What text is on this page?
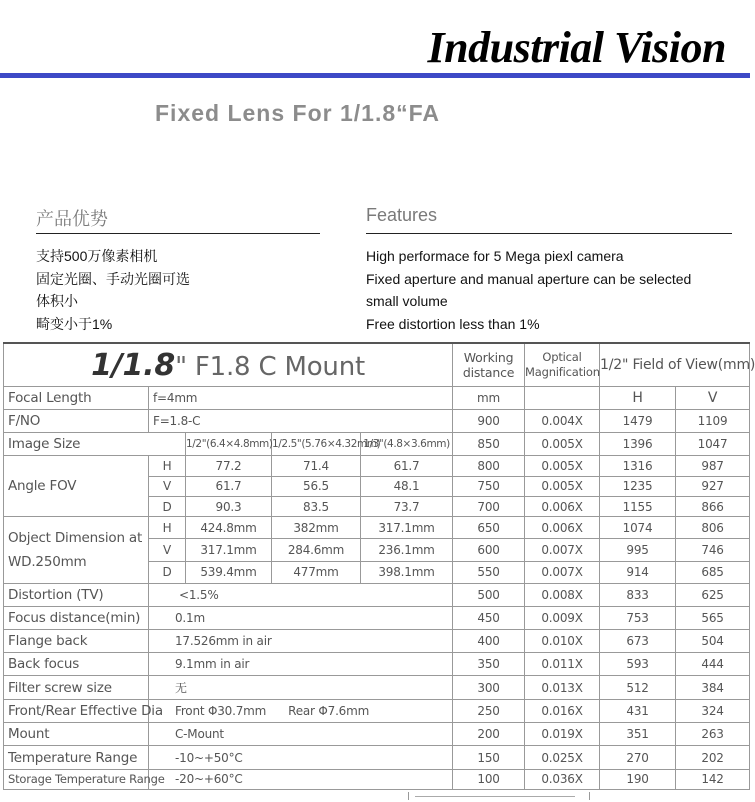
Industrial Vision
Fixed Lens For 1/1.8“FA
产品优势
支持500万像素相机
固定光圈、手动光圈可选
体积小
畸变小于1%
Features
High performace for 5 Mega piexl camera
Fixed aperture and manual aperture can be selected
small volume
Free distortion less than 1%
1/1.8" F1.8 C Mount					Working distance	Optical Magnification	1/2" Field of View(mm)	
Focal Length	f=4mm				mm		H	V
F/NO	F=1.8-C				900	0.004X	1479	1109
Image Size		1/2"(6.4×4.8mm)	1/2.5"(5.76×4.32mm)	1/3"(4.8×3.6mm)	850	0.005X	1396	1047
Angle FOV	H	77.2	71.4	61.7	800	0.005X	1316	987
	V	61.7	56.5	48.1	750	0.005X	1235	927
	D	90.3	83.5	73.7	700	0.006X	1155	866
Object Dimension at
WD.250mm	H	424.8mm	382mm	317.1mm	650	0.006X	1074	806
	V	317.1mm	284.6mm	236.1mm	600	0.007X	995	746
	D	539.4mm	477mm	398.1mm	550	0.007X	914	685
Distortion (TV)	<1.5%				500	0.008X	833	625
Focus distance(min)	0.1m				450	0.009X	753	565
Flange back	17.526mm in air				400	0.010X	673	504
Back focus	9.1mm in air				350	0.011X	593	444
Filter screw size	无				300	0.013X	512	384
Front/Rear Effective Dia	Front Φ30.7mm Rear Φ7.6mm				250	0.016X	431	324
Mount	C-Mount				200	0.019X	351	263
Temperature Range	-10~+50°C				150	0.025X	270	202
Storage Temperature Range	-20~+60°C				100	0.036X	190	142
